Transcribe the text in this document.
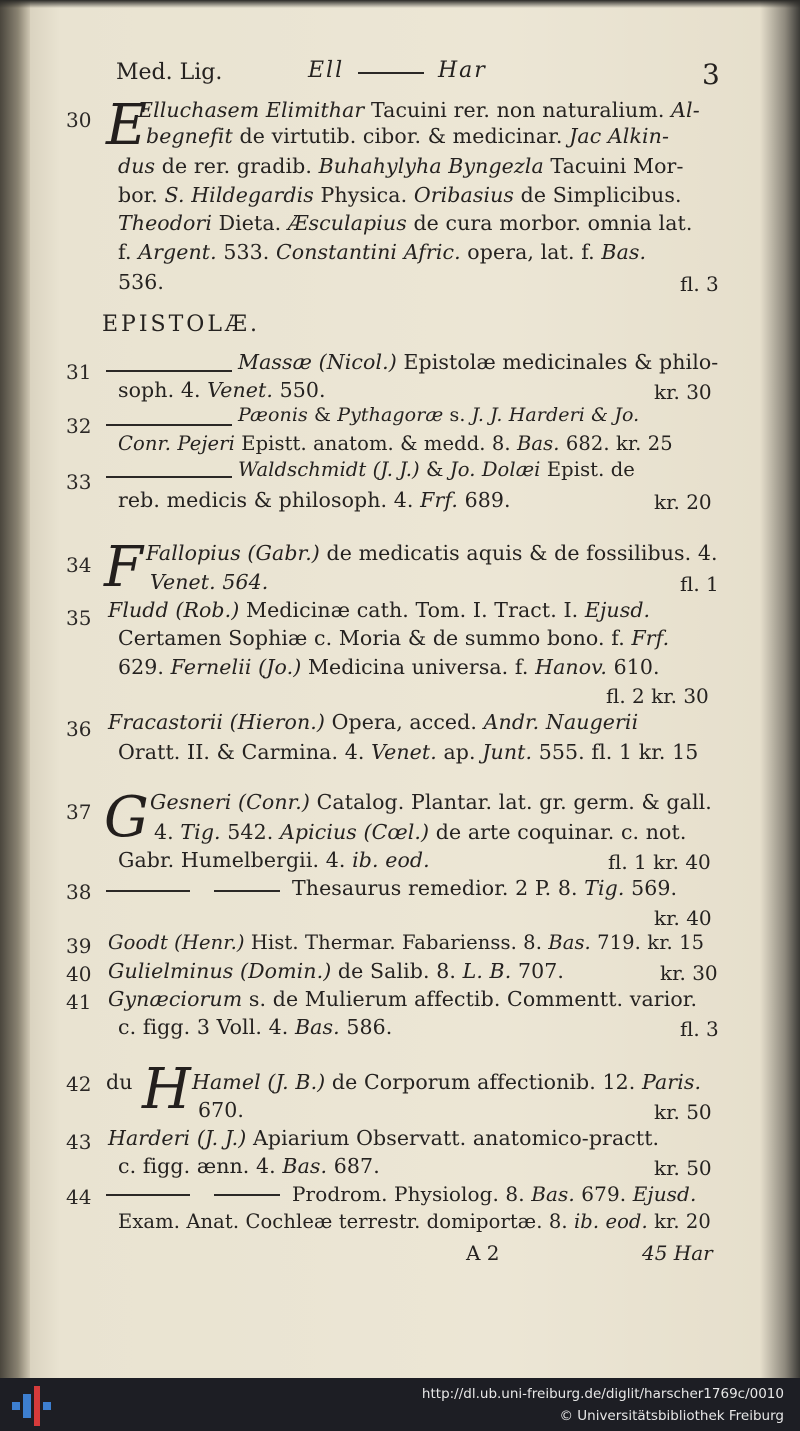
Med. Lig.	Ell	Har	3
30 E
Elluchasem Elimithar Tacuini rer. non naturalium. Al-
begnefit de virtutib. cibor. & medicinar. Jac Alkin-
dus de rer. gradib. Buhahylyha Byngezla Tacuini Mor-
bor. S. Hildegardis Physica. Oribasius de Simplicibus.
Theodori Dieta. Æsculapius de cura morbor. omnia lat.
f. Argent. 533. Constantini Afric. opera, lat. f. Bas.
536.	fl. 3
EPISTOLÆ.
31	Massæ (Nicol.) Epistolæ medicinales & philo-
soph. 4. Venet. 550.	kr. 30
32	Pæonis & Pythagoræ s. J. J. Harderi & Jo.
Conr. Pejeri Epistt. anatom. & medd. 8. Bas. 682. kr. 25
33
Waldschmidt (J. J.) & Jo. Dolæi Epist. de
reb. medicis & philosoph. 4. Frf. 689.	kr. 20
34 F Fallopius (Gabr.) de medicatis aquis & de fossilibus. 4.
Venet. 564.	fl. 1
35 Fludd (Rob.) Medicinæ cath. Tom. I. Tract. I. Ejusd.
Certamen Sophiæ c. Moria & de summo bono. f. Frf.
629. Fernelii (Jo.) Medicina universa. f. Hanov. 610.
fl. 2 kr. 30
36 Fracastorii (Hieron.) Opera, acced. Andr. Naugerii
Oratt. II. & Carmina. 4. Venet. ap. Junt. 555. fl. 1 kr. 15
37 G Gesneri (Conr.) Catalog. Plantar. lat. gr. germ. & gall.
4. Tig. 542. Apicius (Cœl.) de arte coquinar. c. not.
Gabr. Humelbergii. 4. ib. eod.	fl. 1 kr. 40
38	Thesaurus remedior. 2 P. 8. Tig. 569.
kr. 40
39 Goodt (Henr.) Hist. Thermar. Fabarienss. 8. Bas. 719. kr. 15
40 Gulielminus (Domin.) de Salib. 8. L. B. 707.	kr. 30
41 Gynæciorum s. de Mulierum affectib. Commentt. varior.
c. figg. 3 Voll. 4. Bas. 586.	fl. 3
42 du H Hamel (J. B.) de Corporum affectionib. 12. Paris.
670.	kr. 50
43 Harderi (J. J.) Apiarium Observatt. anatomico-practt.
c. figg. ænn. 4. Bas. 687.	kr. 50
44	Prodrom. Physiolog. 8. Bas. 679. Ejusd.
Exam. Anat. Cochleæ terrestr. domiportæ. 8. ib. eod. kr. 20
A 2	45 Har
http://dl.ub.uni-freiburg.de/diglit/harscher1769c/0010
© Universitätsbibliothek Freiburg
